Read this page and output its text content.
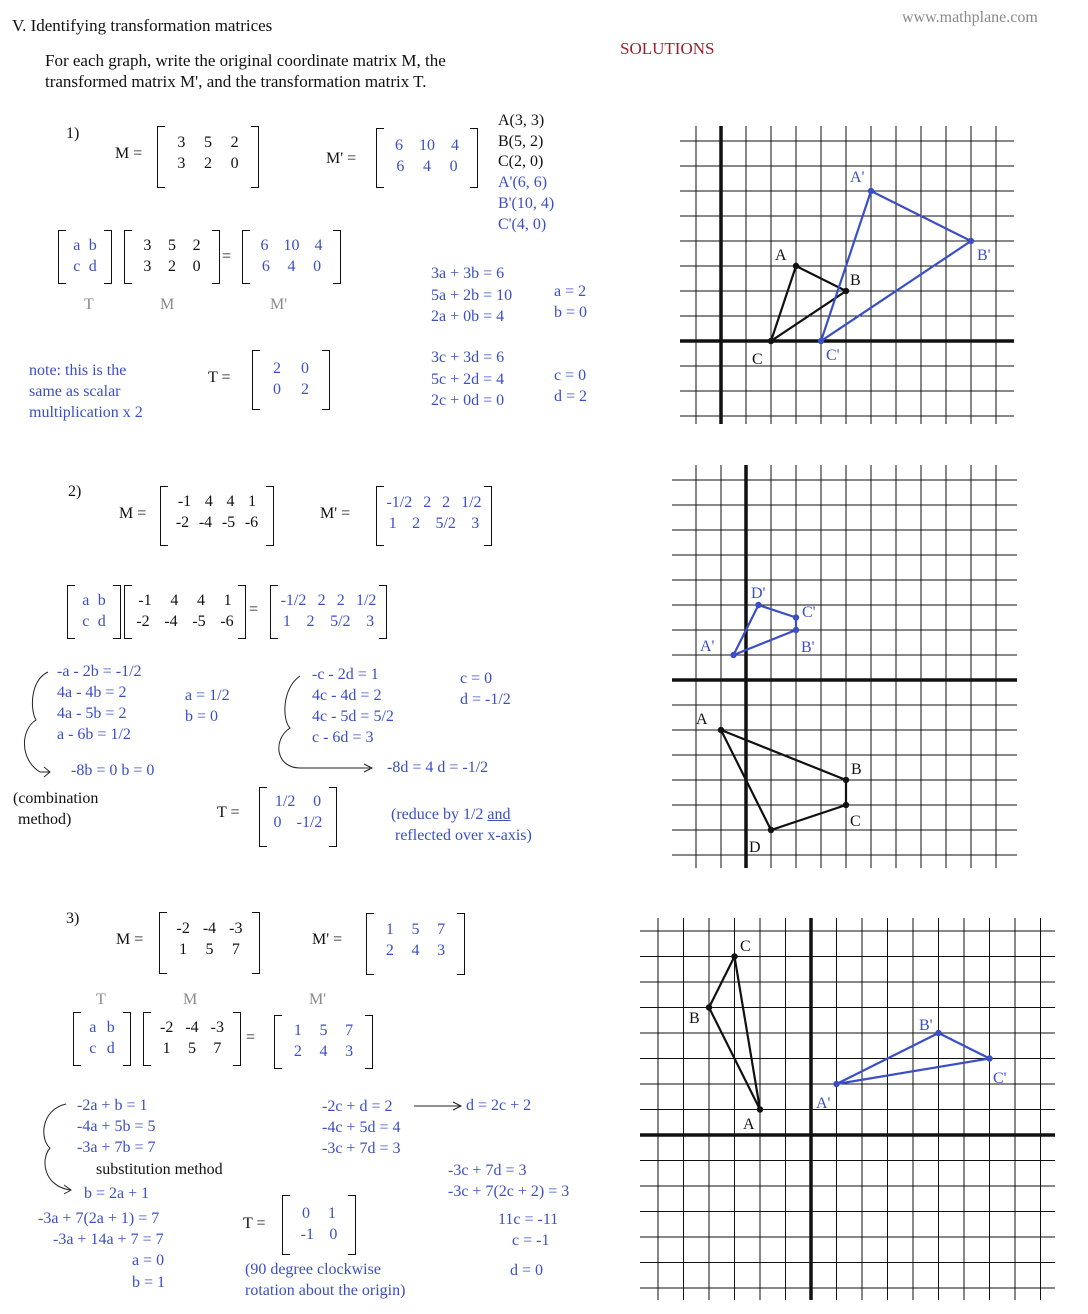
V. Identifying transformation matrices	www.mathplane.com
SOLUTIONS
For each graph, write the original coordinate matrix M, the
transformed matrix M', and the transformation matrix T.
1)
M =
3 5 2
3 2 0	M' =
6 10 4
6 4 0
A(3, 3)
B(5, 2)
C(2, 0)
A'(6, 6)
B'(10, 4)
C'(4, 0)
a b
c d
3 5 2
3 2 0
=
6 10 4
6 4 0
T	M	M'
3a + 3b = 6
5a + 2b = 10
2a + 0b = 4
a = 2
b = 0
3c + 3d = 6
5c + 2d = 4
2c + 0d = 0
c = 0
d = 2
note: this is the
same as scalar
multiplication x 2
T =
2 0
0 2
2)
M =
-1 4 4 1
-2 -4 -5 -6
M' =
-1/2 2 2 1/2
1 2 5/2 3
a b
c d
-1 4 4 1
-2 -4 -5 -6
=
-1/2 2 2 1/2
1 2 5/2 3
-a - 2b = -1/2
4a - 4b = 2
4a - 5b = 2
a - 6b = 1/2
-8b = 0 b = 0
a = 1/2
b = 0
(combination
method)
-c - 2d = 1
4c - 4d = 2
4c - 5d = 5/2
c - 6d = 3
-8d = 4 d = -1/2
c = 0
d = -1/2
T =
1/2 0
0 -1/2	(reduce by 1/2 and
reflected over x-axis)
3)
M =
-2 -4 -3
1 5 7
M' =
1 5 7
2 4 3
T	M	M'
a b
c d
-2 -4 -3
1 5 7
= 1 5 7
2 4 3
-2a + b = 1
-4a + 5b = 5
-3a + 7b = 7
substitution method
b = 2a + 1
-3a + 7(2a + 1) = 7
-3a + 14a + 7 = 7
a = 0
b = 1
-2c + d = 2
-4c + 5d = 4
-3c + 7d = 3
d = 2c + 2
-3c + 7d = 3
-3c + 7(2c + 2) = 3
11c = -11
c = -1
d = 0
T =
0 1
-1 0
(90 degree clockwise
rotation about the origin)
A
B
C
A'
B'
C'
A
B
C
D
A'	B'
C'
D'
A
B
C
A'
B'
C'
